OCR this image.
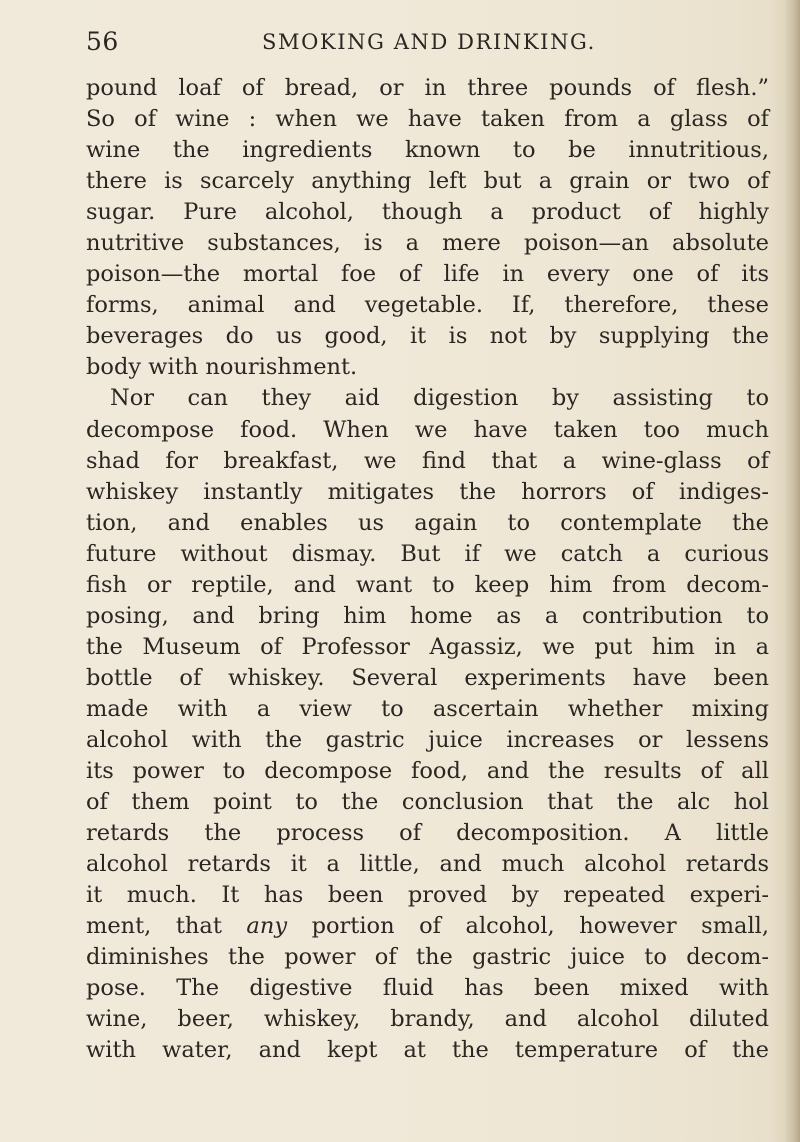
56	SMOKING AND DRINKING.
pound loaf of bread, or in three pounds of flesh.”
So of wine : when we have taken from a glass of
wine the ingredients known to be innutritious,
there is scarcely anything left but a grain or two of
sugar. Pure alcohol, though a product of highly
nutritive substances, is a mere poison—an absolute
poison—the mortal foe of life in every one of its
forms, animal and vegetable. If, therefore, these
beverages do us good, it is not by supplying the
body with nourishment.
Nor can they aid digestion by assisting to
decompose food. When we have taken too much
shad for breakfast, we find that a wine-glass of
whiskey instantly mitigates the horrors of indiges-
tion, and enables us again to contemplate the
future without dismay. But if we catch a curious
fish or reptile, and want to keep him from decom-
posing, and bring him home as a contribution to
the Museum of Professor Agassiz, we put him in a
bottle of whiskey. Several experiments have been
made with a view to ascertain whether mixing
alcohol with the gastric juice increases or lessens
its power to decompose food, and the results of all
of them point to the conclusion that the alc hol
retards the process of decomposition. A little
alcohol retards it a little, and much alcohol retards
it much. It has been proved by repeated experi-
ment, that any portion of alcohol, however small,
diminishes the power of the gastric juice to decom-
pose. The digestive fluid has been mixed with
wine, beer, whiskey, brandy, and alcohol diluted
with water, and kept at the temperature of the
